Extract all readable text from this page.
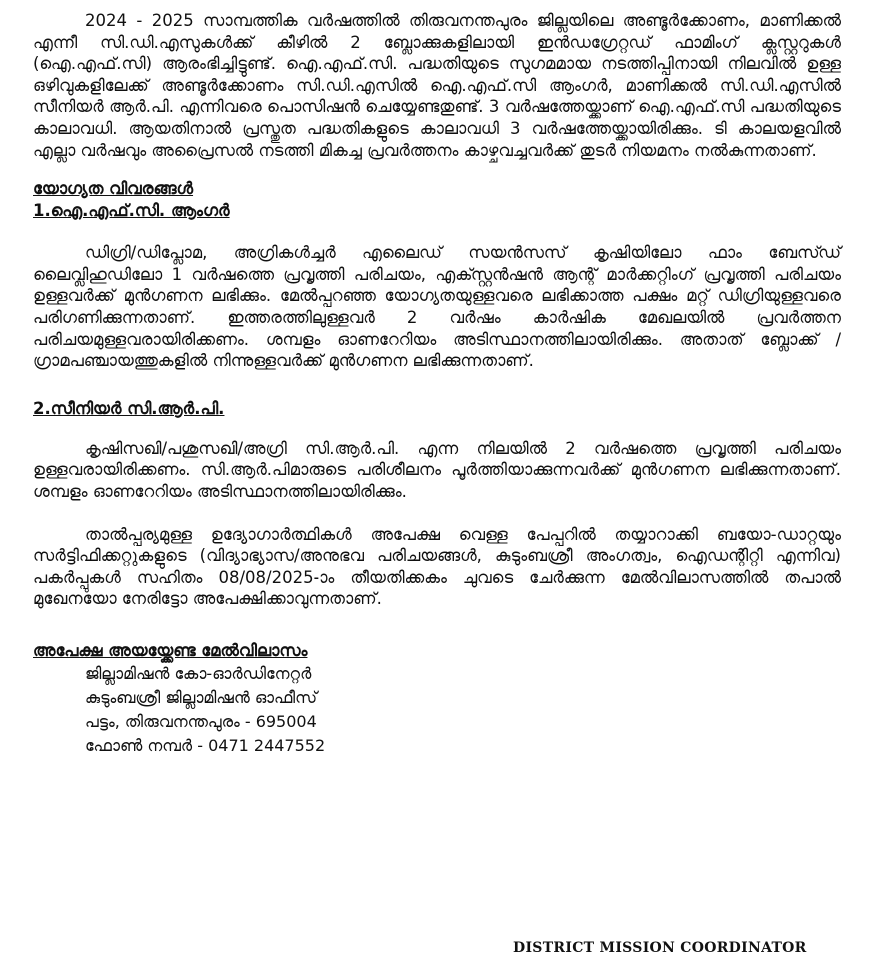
2024 - 2025 സാമ്പത്തിക വർഷത്തിൽ തിരുവനന്തപുരം ജില്ലയിലെ അണ്ടൂർക്കോണം, മാണിക്കൽ എന്നീ സി.ഡി.എസുകൾക്ക് കീഴിൽ 2 ബ്ലോക്കുകളിലായി ഇൻഡഗ്രേറ്റഡ് ഫാമിംഗ് ക്ലസ്റ്ററുകൾ (ഐ.എഫ്.സി) ആരംഭിച്ചിട്ടുണ്ട്. ഐ.എഫ്.സി. പദ്ധതിയുടെ സുഗമമായ നടത്തിപ്പിനായി നിലവിൽ ഉള്ള ഒഴിവുകളിലേക്ക് അണ്ടൂർക്കോണം സി.ഡി.എസിൽ ഐ.എഫ്.സി ആംഗർ, മാണിക്കൽ സി.ഡി.എസിൽ സീനിയർ ആർ.പി. എന്നിവരെ പൊസിഷൻ ചെയ്യേണ്ടതുണ്ട്. 3 വർഷത്തേയ്ക്കാണ് ഐ.എഫ്.സി പദ്ധതിയുടെ കാലാവധി. ആയതിനാൽ പ്രസ്തുത പദ്ധതികളുടെ കാലാവധി 3 വർഷത്തേയ്ക്കായിരിക്കും. ടി കാലയളവിൽ എല്ലാ വർഷവും അപ്രൈസൽ നടത്തി മികച്ച പ്രവർത്തനം കാഴ്ചവച്ചവർക്ക് തുടർ നിയമനം നൽകുന്നതാണ്.

യോഗ്യത വിവരങ്ങൾ

1.ഐ.എഫ്.സി. ആംഗർ

ഡിഗ്രി/ഡിപ്ലോമ, അഗ്രികൾച്ചർ എലൈഡ് സയൻസസ് കൃഷിയിലോ ഫാം ബേസ്ഡ് ലൈവ്ലിഹുഡിലോ 1 വർഷത്തെ പ്രവൃത്തി പരിചയം, എക്സ്റ്റൻഷൻ ആന്റ് മാർക്കറ്റിംഗ് പ്രവൃത്തി പരിചയം ഉള്ളവർക്ക് മുൻഗണന ലഭിക്കും. മേൽപ്പറഞ്ഞ യോഗ്യതയുള്ളവരെ ലഭിക്കാത്ത പക്ഷം മറ്റ് ഡിഗ്രിയുള്ളവരെ പരിഗണിക്കുന്നതാണ്. ഇത്തരത്തിലുള്ളവർ 2 വർഷം കാർഷിക മേഖലയിൽ പ്രവർത്തന പരിചയമുള്ളവരായിരിക്കണം. ശമ്പളം ഓണറേറിയം അടിസ്ഥാനത്തിലായിരിക്കും. അതാത് ബ്ലോക്ക് /ഗ്രാമപഞ്ചായത്തുകളിൽ നിന്നുള്ളവർക്ക് മുൻഗണന ലഭിക്കുന്നതാണ്.

2.സീനിയർ സി.ആർ.പി.

കൃഷിസഖി/പശുസഖി/അഗ്രി സി.ആർ.പി. എന്ന നിലയിൽ 2 വർഷത്തെ പ്രവൃത്തി പരിചയം ഉള്ളവരായിരിക്കണം. സി.ആർ.പിമാരുടെ പരിശീലനം പൂർത്തിയാക്കുന്നവർക്ക് മുൻഗണന ലഭിക്കുന്നതാണ്. ശമ്പളം ഓണറേറിയം അടിസ്ഥാനത്തിലായിരിക്കും.

താൽപ്പര്യമുള്ള ഉദ്യോഗാർത്ഥികൾ അപേക്ഷ വെള്ള പേപ്പറിൽ തയ്യാറാക്കി ബയോ-ഡാറ്റയും സർട്ടിഫിക്കറ്റുകളുടെ (വിദ്യാഭ്യാസ/അനുഭവ പരിചയങ്ങൾ, കുടുംബശ്രീ അംഗത്വം, ഐഡന്റിറ്റി എന്നിവ) പകർപ്പുകൾ സഹിതം 08/08/2025-ാം തീയതിക്കകം ചുവടെ ചേർക്കുന്ന മേൽവിലാസത്തിൽ തപാൽ മുഖേനയോ നേരിട്ടോ അപേക്ഷിക്കാവുന്നതാണ്.

അപേക്ഷ അയയ്ക്കേണ്ട മേൽവിലാസം

ജില്ലാമിഷൻ കോ-ഓർഡിനേറ്റർ
കുടുംബശ്രീ ജില്ലാമിഷൻ ഓഫീസ്
പട്ടം, തിരുവനന്തപുരം - 695004
ഫോൺ നമ്പർ - 0471 2447552
DISTRICT MISSION COORDINATOR
